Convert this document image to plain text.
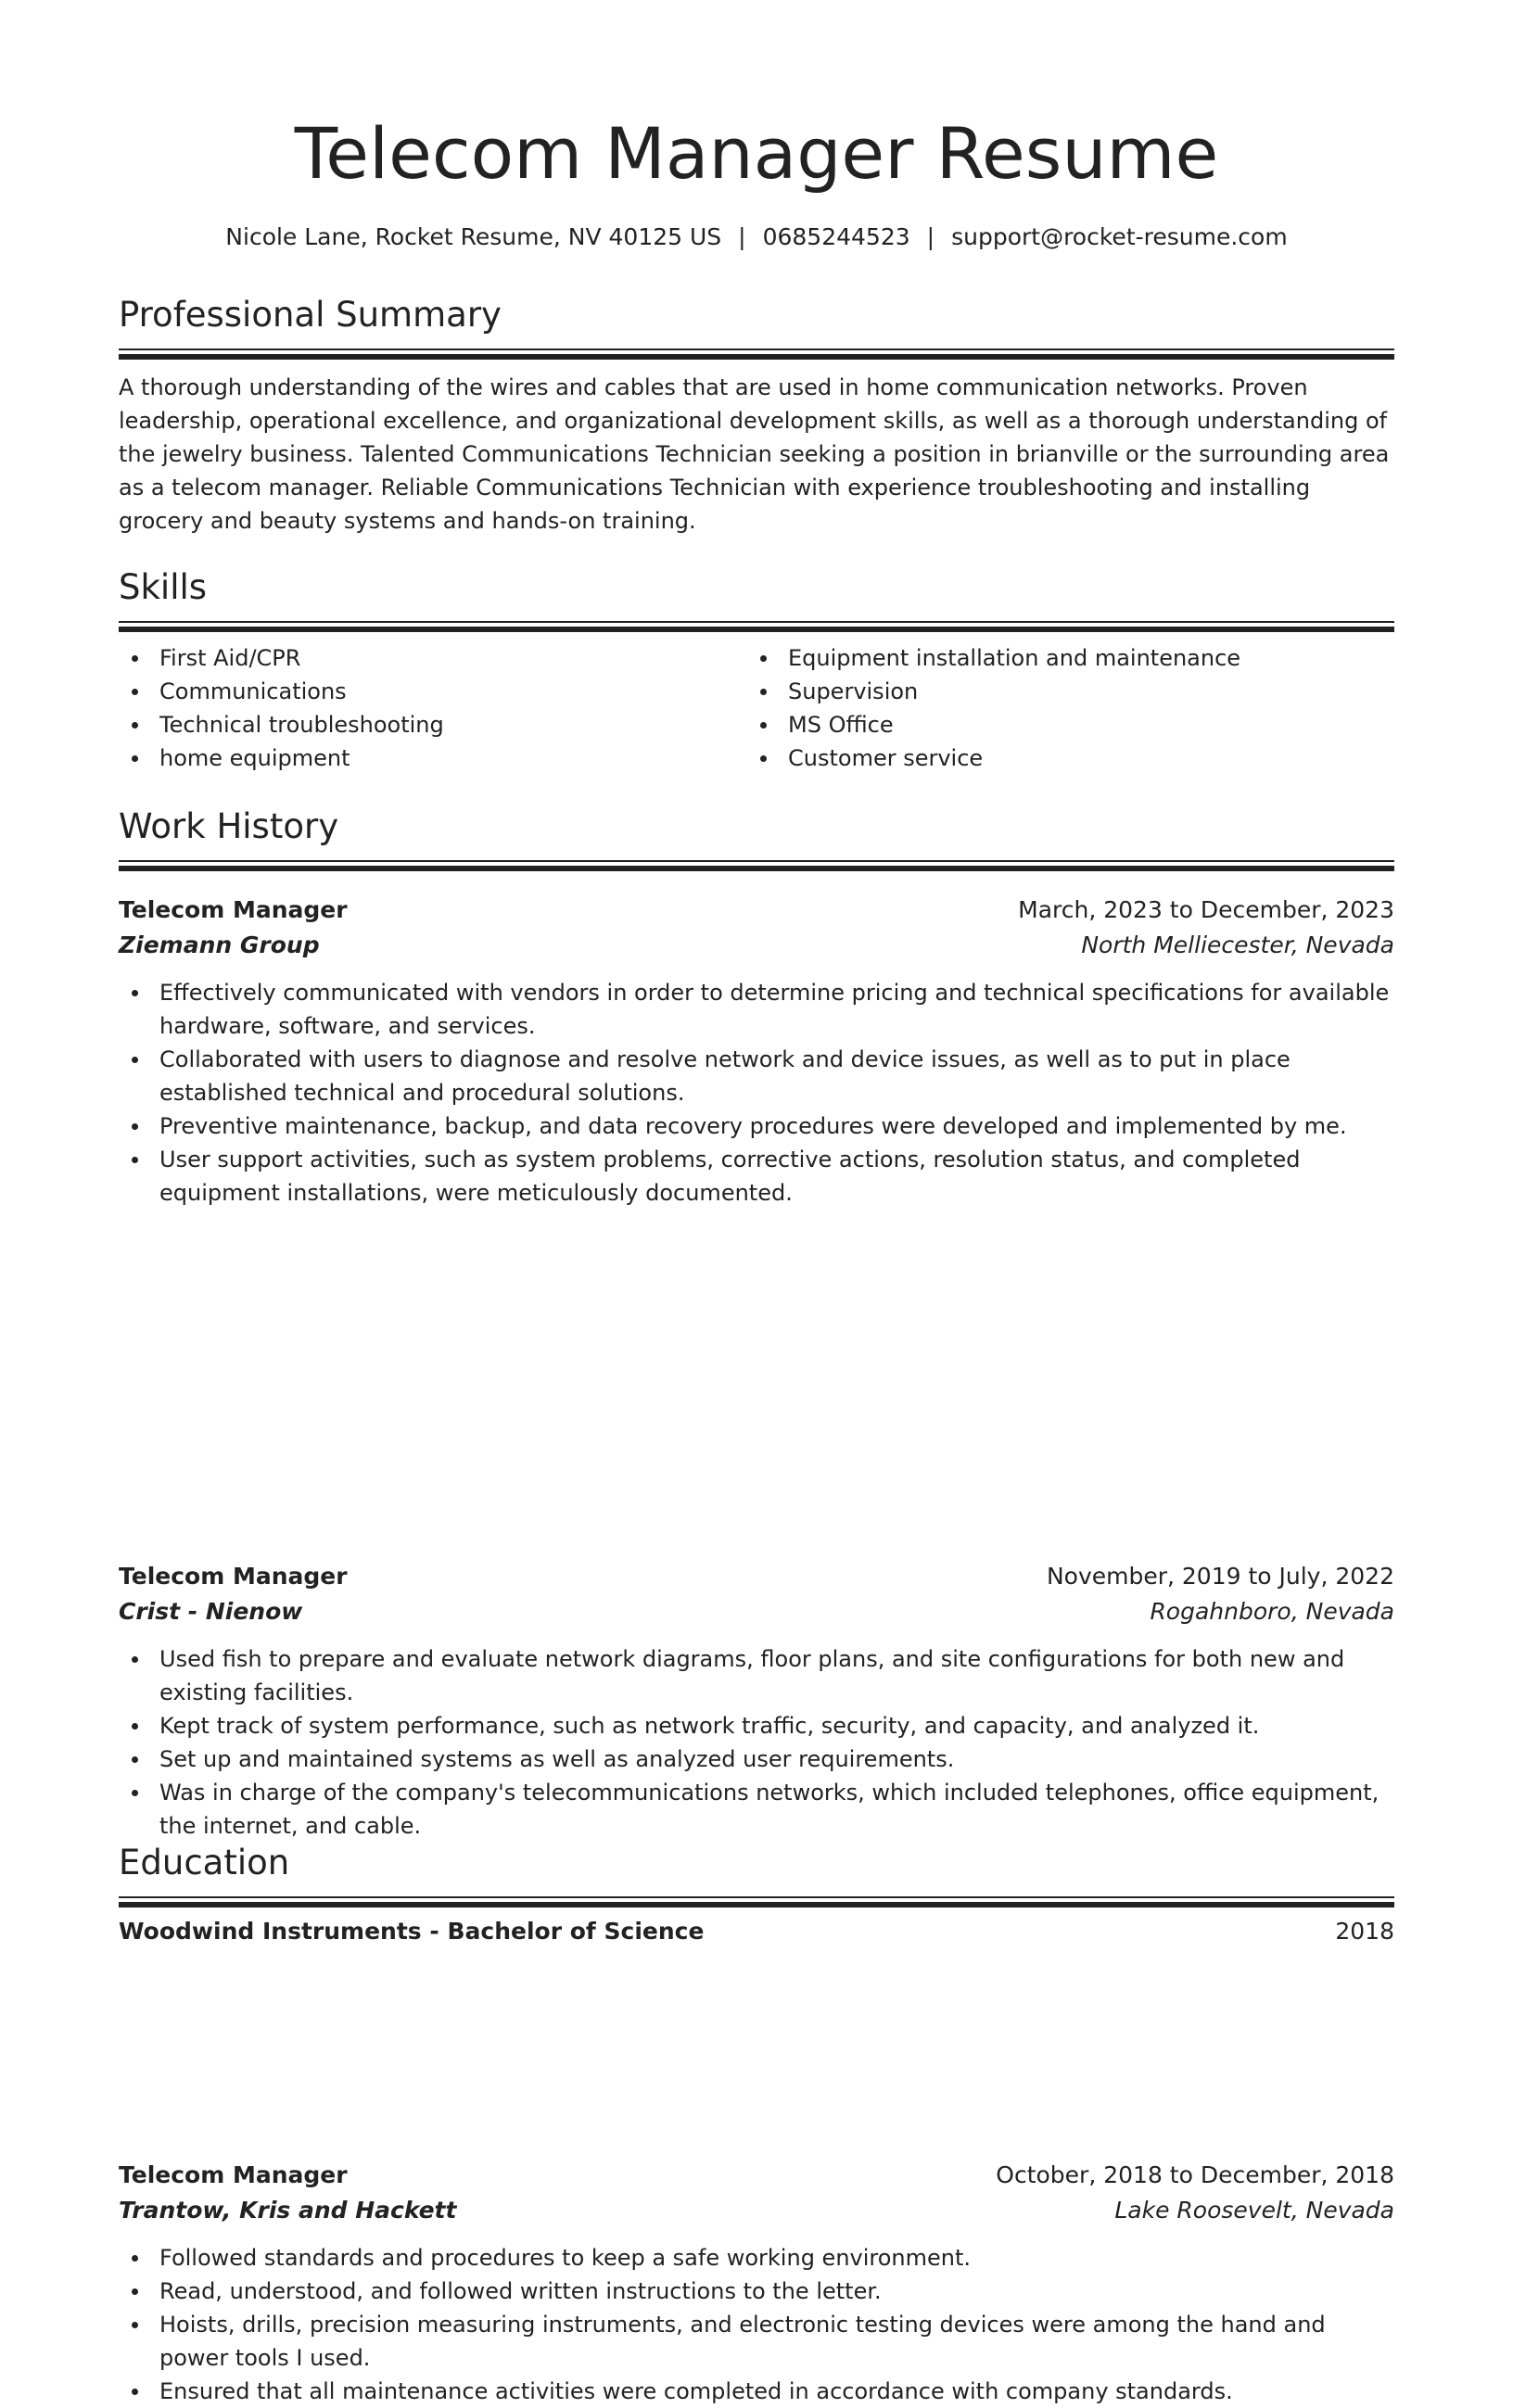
Telecom Manager Resume
Nicole Lane, Rocket Resume, NV 40125 US | 0685244523 | support@rocket-resume.com
Professional Summary

A thorough understanding of the wires and cables that are used in home communication networks. Proven leadership, operational excellence, and organizational development skills, as well as a thorough understanding of the jewelry business. Talented Communications Technician seeking a position in brianville or the surrounding area as a telecom manager. Reliable Communications Technician with experience troubleshooting and installing grocery and beauty systems and hands-on training.

Skills
First Aid/CPR
Communications
Technical troubleshooting
home equipment
Equipment installation and maintenance
Supervision
MS Office
Customer service
Work History
Telecom Manager	March, 2023 to December, 2023
Ziemann Group	North Melliecester, Nevada
Effectively communicated with vendors in order to determine pricing and technical specifications for available hardware, software, and services.
Collaborated with users to diagnose and resolve network and device issues, as well as to put in place established technical and procedural solutions.
Preventive maintenance, backup, and data recovery procedures were developed and implemented by me.
User support activities, such as system problems, corrective actions, resolution status, and completed equipment installations, were meticulously documented.
Telecom Manager	November, 2019 to July, 2022
Crist - Nienow	Rogahnboro, Nevada
Used fish to prepare and evaluate network diagrams, floor plans, and site configurations for both new and existing facilities.
Kept track of system performance, such as network traffic, security, and capacity, and analyzed it.
Set up and maintained systems as well as analyzed user requirements.
Was in charge of the company's telecommunications networks, which included telephones, office equipment, the internet, and cable.
Telecom Manager	October, 2018 to December, 2018
Trantow, Kris and Hackett	Lake Roosevelt, Nevada
Followed standards and procedures to keep a safe working environment.
Read, understood, and followed written instructions to the letter.
Hoists, drills, precision measuring instruments, and electronic testing devices were among the hand and power tools I used.
Ensured that all maintenance activities were completed in accordance with company standards.
Education
Woodwind Instruments - Bachelor of Science	2018
